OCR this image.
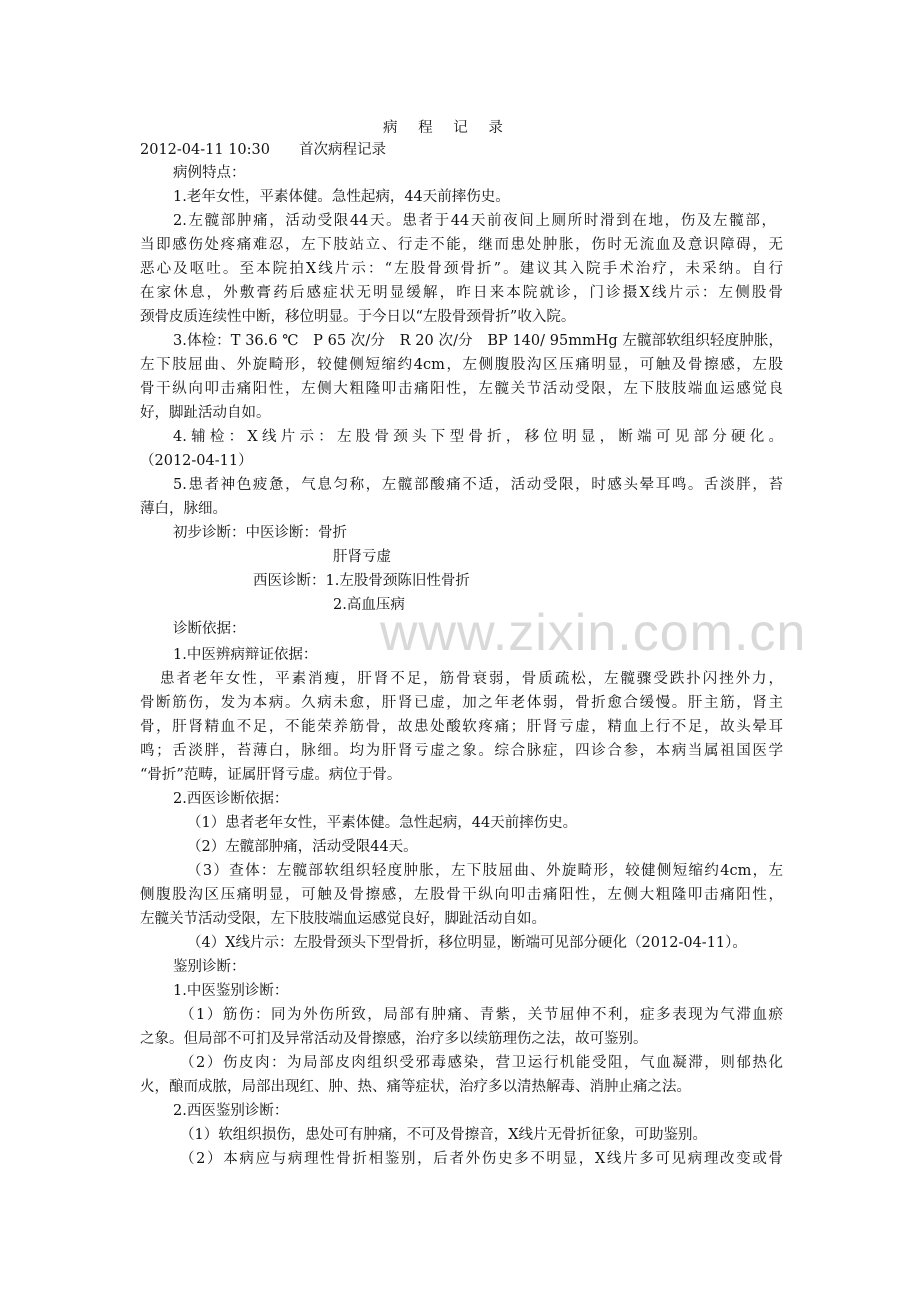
www.zixin.com.cn
病 程 记 录
2012-04-11 10:30　　首次病程记录
病例特点：
1.老年女性，平素体健。急性起病，44天前摔伤史。
2.左髋部肿痛，活动受限44天。患者于44天前夜间上厕所时滑到在地，伤及左髋部，
当即感伤处疼痛难忍，左下肢站立、行走不能，继而患处肿胀，伤时无流血及意识障碍，无
恶心及呕吐。至本院拍X线片示：“左股骨颈骨折”。建议其入院手术治疗，未采纳。自行
在家休息，外敷膏药后感症状无明显缓解，昨日来本院就诊，门诊摄X线片示：左侧股骨
颈骨皮质连续性中断，移位明显。于今日以“左股骨颈骨折”收入院。
3.体检：T 36.6 ℃　P 65 次/分　R 20 次/分　BP 140/ 95mmHg 左髋部软组织轻度肿胀，
左下肢屈曲、外旋畸形，较健侧短缩约4cm，左侧腹股沟区压痛明显，可触及骨擦感，左股
骨干纵向叩击痛阳性，左侧大粗隆叩击痛阳性，左髋关节活动受限，左下肢肢端血运感觉良
好，脚趾活动自如。
4.辅检：X线片示：左股骨颈头下型骨折，移位明显，断端可见部分硬化。
（2012-04-11）
5.患者神色疲惫，气息匀称，左髋部酸痛不适，活动受限，时感头晕耳鸣。舌淡胖，苔
薄白，脉细。
初步诊断：中医诊断：骨折
肝肾亏虚
西医诊断：1.左股骨颈陈旧性骨折
2.高血压病
诊断依据：
1.中医辨病辩证依据：
患者老年女性，平素消瘦，肝肾不足，筋骨衰弱，骨质疏松，左髋骤受跌扑闪挫外力，
骨断筋伤，发为本病。久病未愈，肝肾已虚，加之年老体弱，骨折愈合缓慢。肝主筋，肾主
骨，肝肾精血不足，不能荣养筋骨，故患处酸软疼痛；肝肾亏虚，精血上行不足，故头晕耳
鸣；舌淡胖，苔薄白，脉细。均为肝肾亏虚之象。综合脉症，四诊合参，本病当属祖国医学
“骨折”范畴，证属肝肾亏虚。病位于骨。
2.西医诊断依据：
（1）患者老年女性，平素体健。急性起病，44天前摔伤史。
（2）左髋部肿痛，活动受限44天。
（3）查体：左髋部软组织轻度肿胀，左下肢屈曲、外旋畸形，较健侧短缩约4cm，左
侧腹股沟区压痛明显，可触及骨擦感，左股骨干纵向叩击痛阳性，左侧大粗隆叩击痛阳性，
左髋关节活动受限，左下肢肢端血运感觉良好，脚趾活动自如。
（4）X线片示：左股骨颈头下型骨折，移位明显，断端可见部分硬化（2012-04-11）。
鉴别诊断：
1.中医鉴别诊断：
（1）筋伤：同为外伤所致，局部有肿痛、青紫，关节屈伸不利，症多表现为气滞血瘀
之象。但局部不可扪及异常活动及骨擦感，治疗多以续筋理伤之法，故可鉴别。
（2）伤皮肉：为局部皮肉组织受邪毒感染，营卫运行机能受阻，气血凝滞，则郁热化
火，酿而成脓，局部出现红、肿、热、痛等症状，治疗多以清热解毒、消肿止痛之法。
2.西医鉴别诊断：
（1）软组织损伤，患处可有肿痛，不可及骨擦音，X线片无骨折征象，可助鉴别。
（2）本病应与病理性骨折相鉴别，后者外伤史多不明显，X线片多可见病理改变或骨
